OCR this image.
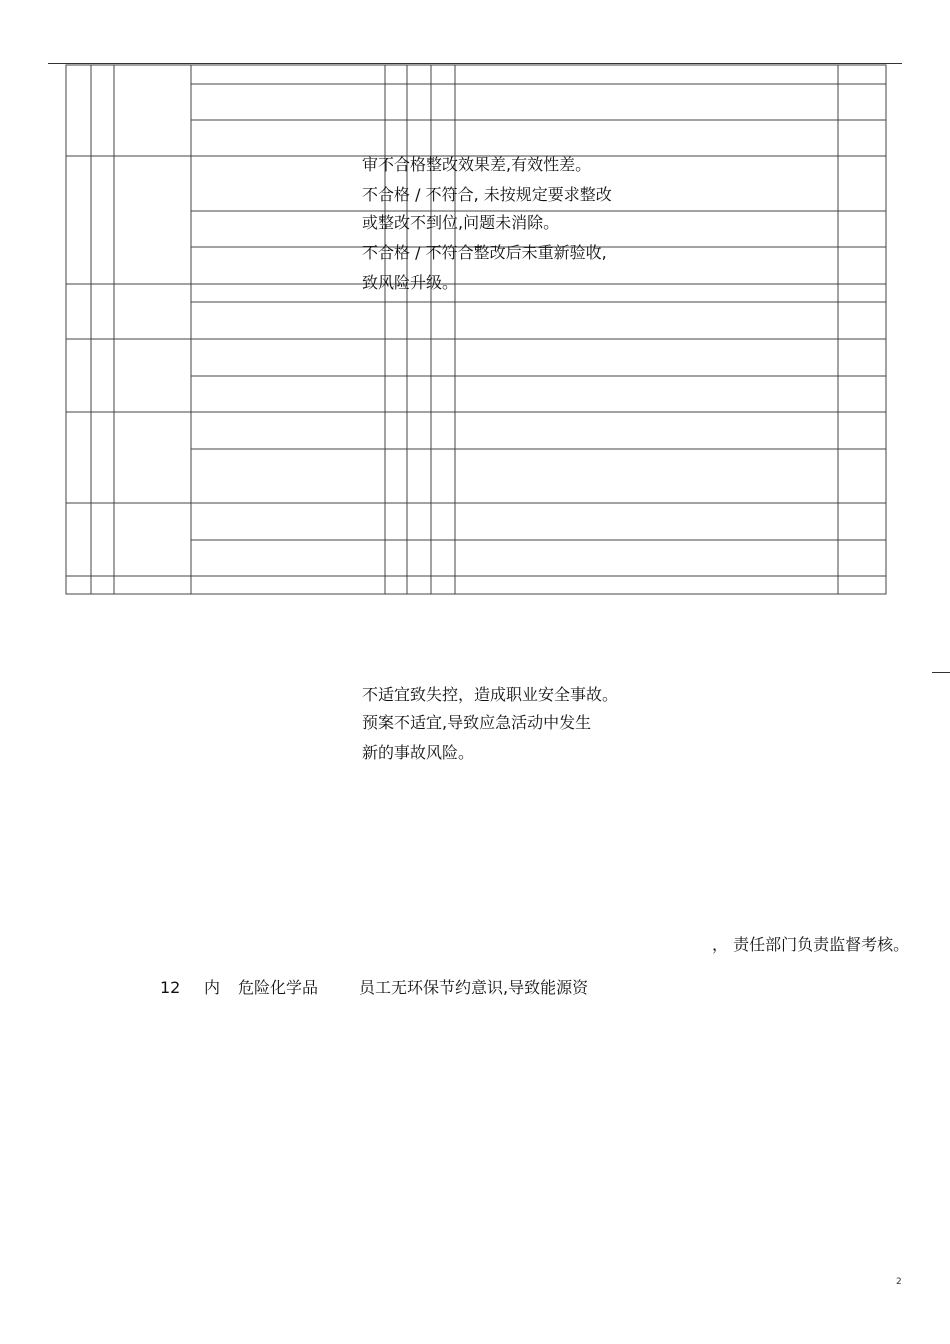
审不合格整改效果差,有效性差。
不合格 / 不符合, 未按规定要求整改
或整改不到位,问题未消除。
不合格 / 不符合整改后未重新验收,
致风险升级。
不适宜致失控，造成职业安全事故。
预案不适宜,导致应急活动中发生
新的事故风险。
， 责任部门负责监督考核。
12 内 危险化学品	员工无环保节约意识,导致能源资
2
